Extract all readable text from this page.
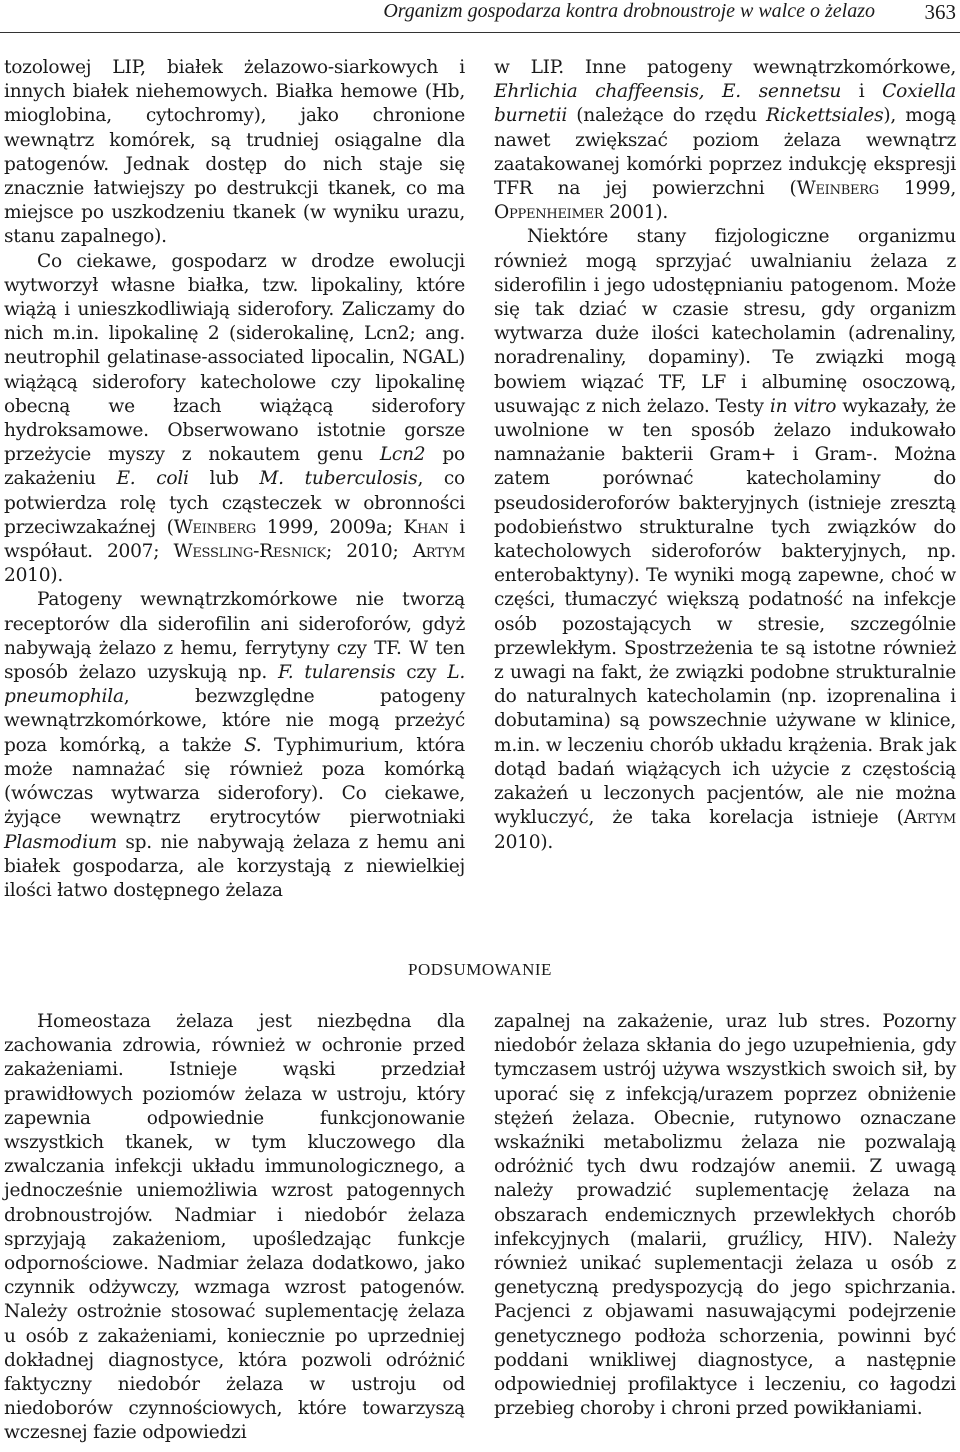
Organizm gospodarza kontra drobnoustroje w walce o żelazo 363

tozolowej LIP, białek żelazowo-siarkowych i innych białek niehemowych. Białka hemowe (Hb, mioglobina, cytochromy), jako chronione wewnątrz komórek, są trudniej osiągalne dla patogenów. Jednak dostęp do nich staje się znacznie łatwiejszy po destrukcji tkanek, co ma miejsce po uszkodzeniu tkanek (w wyniku urazu, stanu zapalnego).

Co ciekawe, gospodarz w drodze ewolucji wytworzył własne białka, tzw. lipokaliny, które wiążą i unieszkodliwiają siderofory. Zaliczamy do nich m.in. lipokalinę 2 (siderokalinę, Lcn2; ang. neutrophil gelatinase-associated lipocalin, NGAL) wiążącą siderofory katecholowe czy lipokalinę obecną we łzach wiążącą siderofory hydroksamowe. Obserwowano istotnie gorsze przeżycie myszy z nokautem genu Lcn2 po zakażeniu E. coli lub M. tuberculosis, co potwierdza rolę tych cząsteczek w obronności przeciwzakaźnej (Weinberg 1999, 2009a; Khan i współaut. 2007; Wessling-Resnick; 2010; Artym 2010).

Patogeny wewnątrzkomórkowe nie tworzą receptorów dla siderofilin ani sideroforów, gdyż nabywają żelazo z hemu, ferrytyny czy TF. W ten sposób żelazo uzyskują np. F. tularensis czy L. pneumophila, bezwzględne patogeny wewnątrzkomórkowe, które nie mogą przeżyć poza komórką, a także S. Typhimurium, która może namnażać się również poza komórką (wówczas wytwarza siderofory). Co ciekawe, żyjące wewnątrz erytrocytów pierwotniaki Plasmodium sp. nie nabywają żelaza z hemu ani białek gospodarza, ale korzystają z niewielkiej ilości łatwo dostępnego żelaza

w LIP. Inne patogeny wewnątrzkomórkowe, Ehrlichia chaffeensis, E. sennetsu i Coxiella burnetii (należące do rzędu Rickettsiales), mogą nawet zwiększać poziom żelaza wewnątrz zaatakowanej komórki poprzez indukcję ekspresji TFR na jej powierzchni (Weinberg 1999, Oppenheimer 2001).

Niektóre stany fizjologiczne organizmu również mogą sprzyjać uwalnianiu żelaza z siderofilin i jego udostępnianiu patogenom. Może się tak dziać w czasie stresu, gdy organizm wytwarza duże ilości katecholamin (adrenaliny, noradrenaliny, dopaminy). Te związki mogą bowiem wiązać TF, LF i albuminę osoczową, usuwając z nich żelazo. Testy in vitro wykazały, że uwolnione w ten sposób żelazo indukowało namnażanie bakterii Gram+ i Gram-. Można zatem porównać katecholaminy do pseudosideroforów bakteryjnych (istnieje zresztą podobieństwo strukturalne tych związków do katecholowych sideroforów bakteryjnych, np. enterobaktyny). Te wyniki mogą zapewne, choć w części, tłumaczyć większą podatność na infekcje osób pozostających w stresie, szczególnie przewlekłym. Spostrzeżenia te są istotne również z uwagi na fakt, że związki podobne strukturalnie do naturalnych katecholamin (np. izoprenalina i dobutamina) są powszechnie używane w klinice, m.in. w leczeniu chorób układu krążenia. Brak jak dotąd badań wiążących ich użycie z częstością zakażeń u leczonych pacjentów, ale nie można wykluczyć, że taka korelacja istnieje (Artym 2010).

PODSUMOWANIE

Homeostaza żelaza jest niezbędna dla zachowania zdrowia, również w ochronie przed zakażeniami. Istnieje wąski przedział prawidłowych poziomów żelaza w ustroju, który zapewnia odpowiednie funkcjonowanie wszystkich tkanek, w tym kluczowego dla zwalczania infekcji układu immunologicznego, a jednocześnie uniemożliwia wzrost patogennych drobnoustrojów. Nadmiar i niedobór żelaza sprzyjają zakażeniom, upośledzając funkcje odpornościowe. Nadmiar żelaza dodatkowo, jako czynnik odżywczy, wzmaga wzrost patogenów. Należy ostrożnie stosować suplementację żelaza u osób z zakażeniami, koniecznie po uprzedniej dokładnej diagnostyce, która pozwoli odróżnić faktyczny niedobór żelaza w ustroju od niedoborów czynnościowych, które towarzyszą wczesnej fazie odpowiedzi

zapalnej na zakażenie, uraz lub stres. Pozorny niedobór żelaza skłania do jego uzupełnienia, gdy tymczasem ustrój używa wszystkich swoich sił, by uporać się z infekcją/urazem poprzez obniżenie stężeń żelaza. Obecnie, rutynowo oznaczane wskaźniki metabolizmu żelaza nie pozwalają odróżnić tych dwu rodzajów anemii. Z uwagą należy prowadzić suplementację żelaza na obszarach endemicznych przewlekłych chorób infekcyjnych (malarii, gruźlicy, HIV). Należy również unikać suplementacji żelaza u osób z genetyczną predyspozycją do jego spichrzania. Pacjenci z objawami nasuwającymi podejrzenie genetycznego podłoża schorzenia, powinni być poddani wnikliwej diagnostyce, a następnie odpowiedniej profilaktyce i leczeniu, co łagodzi przebieg choroby i chroni przed powikłaniami.
